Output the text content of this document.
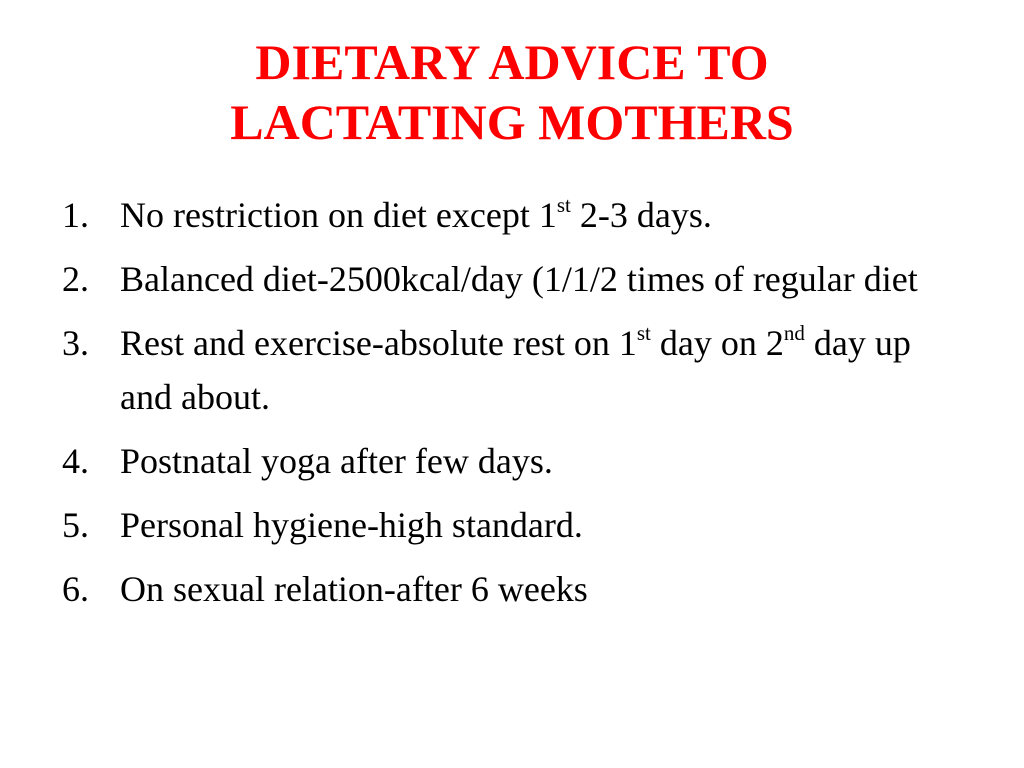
DIETARY ADVICE TO
LACTATING MOTHERS
1. No restriction on diet except 1st 2-3 days.
2. Balanced diet-2500kcal/day (1/1/2 times of regular diet
3. Rest and exercise-absolute rest on 1st day on 2nd day up and about.
4. Postnatal yoga after few days.
5. Personal hygiene-high standard.
6. On sexual relation-after 6 weeks
